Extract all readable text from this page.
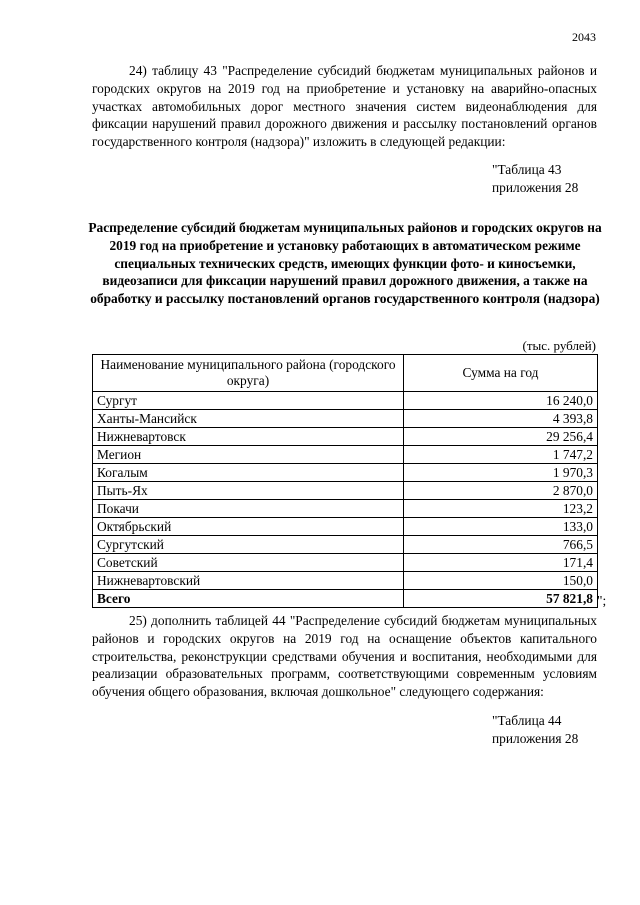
2043

24) таблицу 43 "Распределение субсидий бюджетам муниципальных районов и городских округов на 2019 год на приобретение и установку на аварийно-опасных участках автомобильных дорог местного значения систем видеонаблюдения для фиксации нарушений правил дорожного движения и рассылку постановлений органов государственного контроля (надзора)" изложить в следующей редакции:

"Таблица 43
приложения 28

Распределение субсидий бюджетам муниципальных районов и городских округов на 2019 год на приобретение и установку работающих в автоматическом режиме специальных технических средств, имеющих функции фото- и киносъемки, видеозаписи для фиксации нарушений правил дорожного движения, а также на обработку и рассылку постановлений органов государственного контроля (надзора)

(тыс. рублей)
Наименование муниципального района (городского округа)	Сумма на год
Сургут	16 240,0
Ханты-Мансийск	4 393,8
Нижневартовск	29 256,4
Мегион	1 747,2
Когалым	1 970,3
Пыть-Ях	2 870,0
Покачи	123,2
Октябрьский	133,0
Сургутский	766,5
Советский	171,4
Нижневартовский	150,0
Всего	57 821,8 ";

25) дополнить таблицей 44 "Распределение субсидий бюджетам муниципальных районов и городских округов на 2019 год на оснащение объектов капитального строительства, реконструкции средствами обучения и воспитания, необходимыми для реализации образовательных программ, соответствующими современным условиям обучения общего образования, включая дошкольное" следующего содержания:

"Таблица 44
приложения 28
